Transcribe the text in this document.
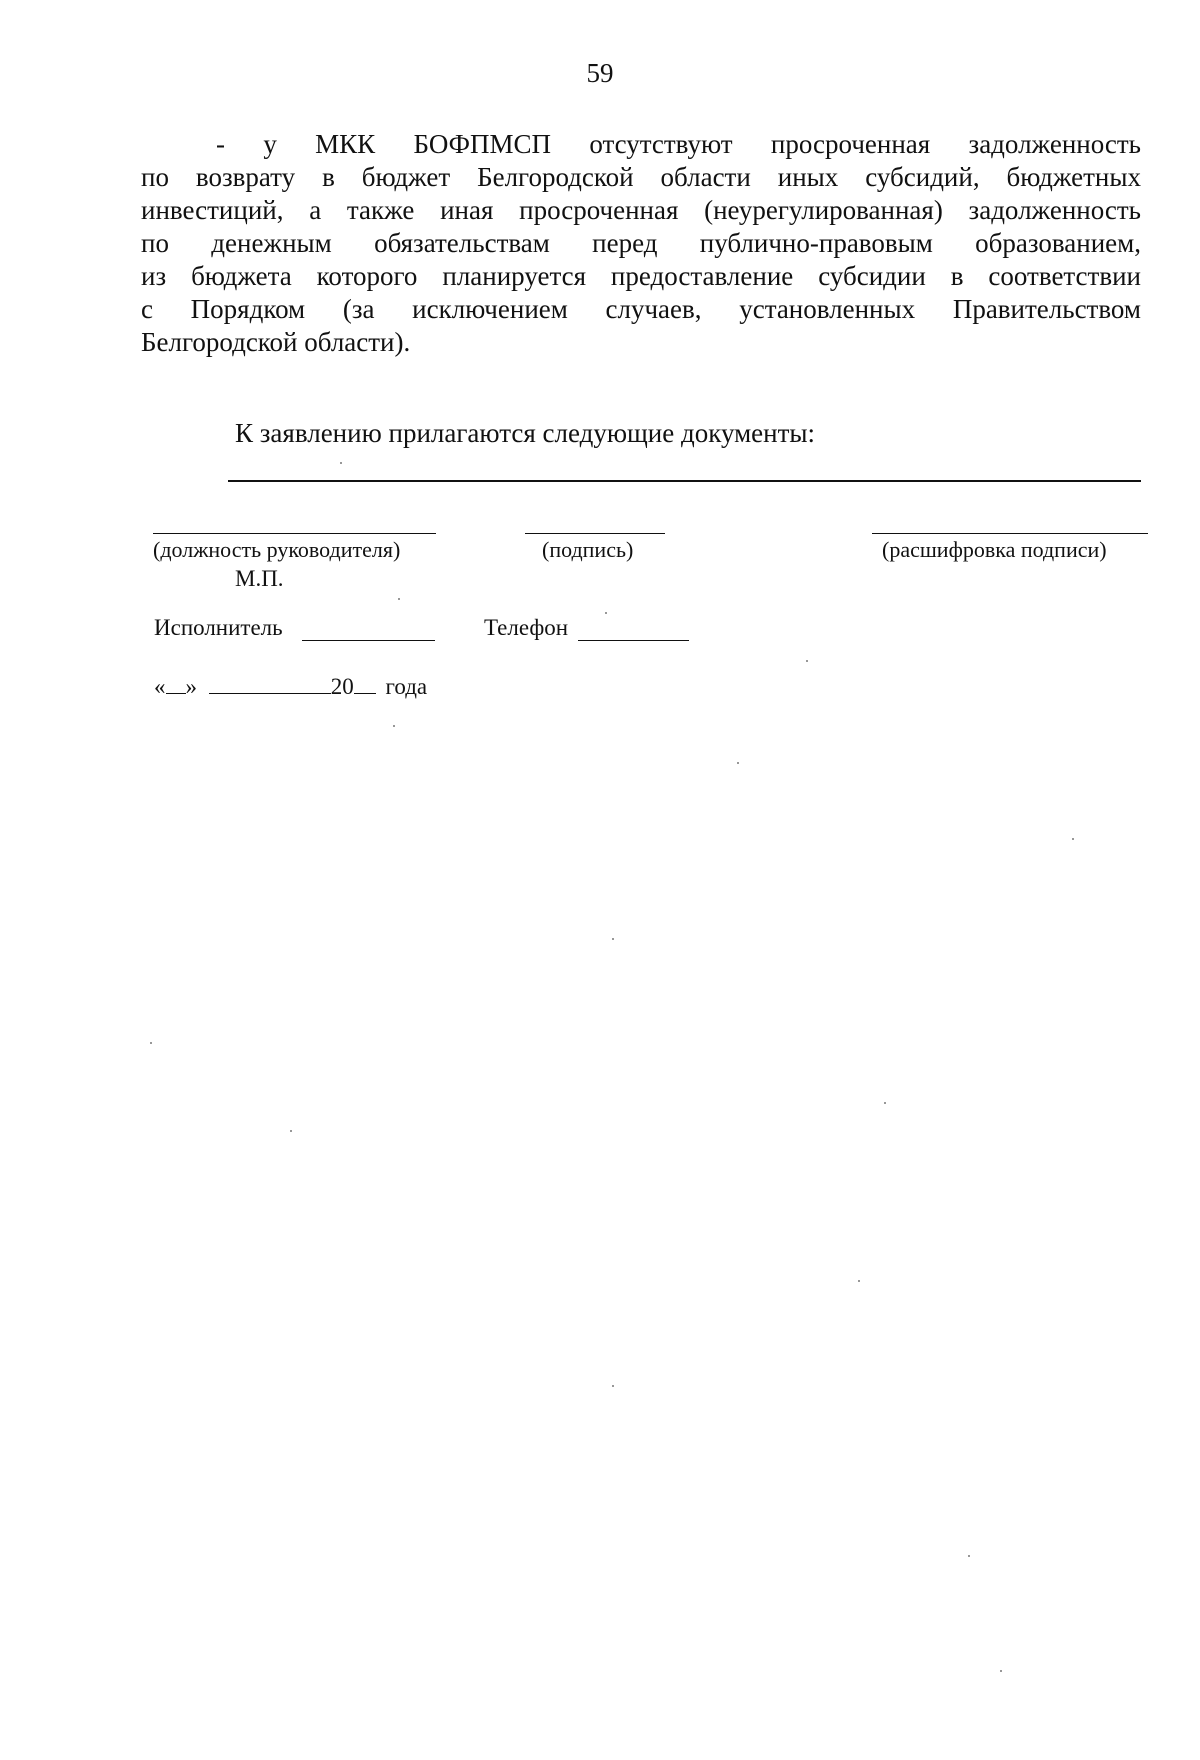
59
- у МКК БОФПМСП отсутствуют просроченная задолженность
по возврату в бюджет Белгородской области иных субсидий, бюджетных
инвестиций, а также иная просроченная (неурегулированная) задолженность
по денежным обязательствам перед публично-правовым образованием,
из бюджета которого планируется предоставление субсидии в соответствии
с Порядком (за исключением случаев, установленных Правительством
Белгородской области).
К заявлению прилагаются следующие документы:
(должность руководителя)	(подпись)	(расшифровка подписи)
М.П.
Исполнитель	Телефон
« »	20 года
